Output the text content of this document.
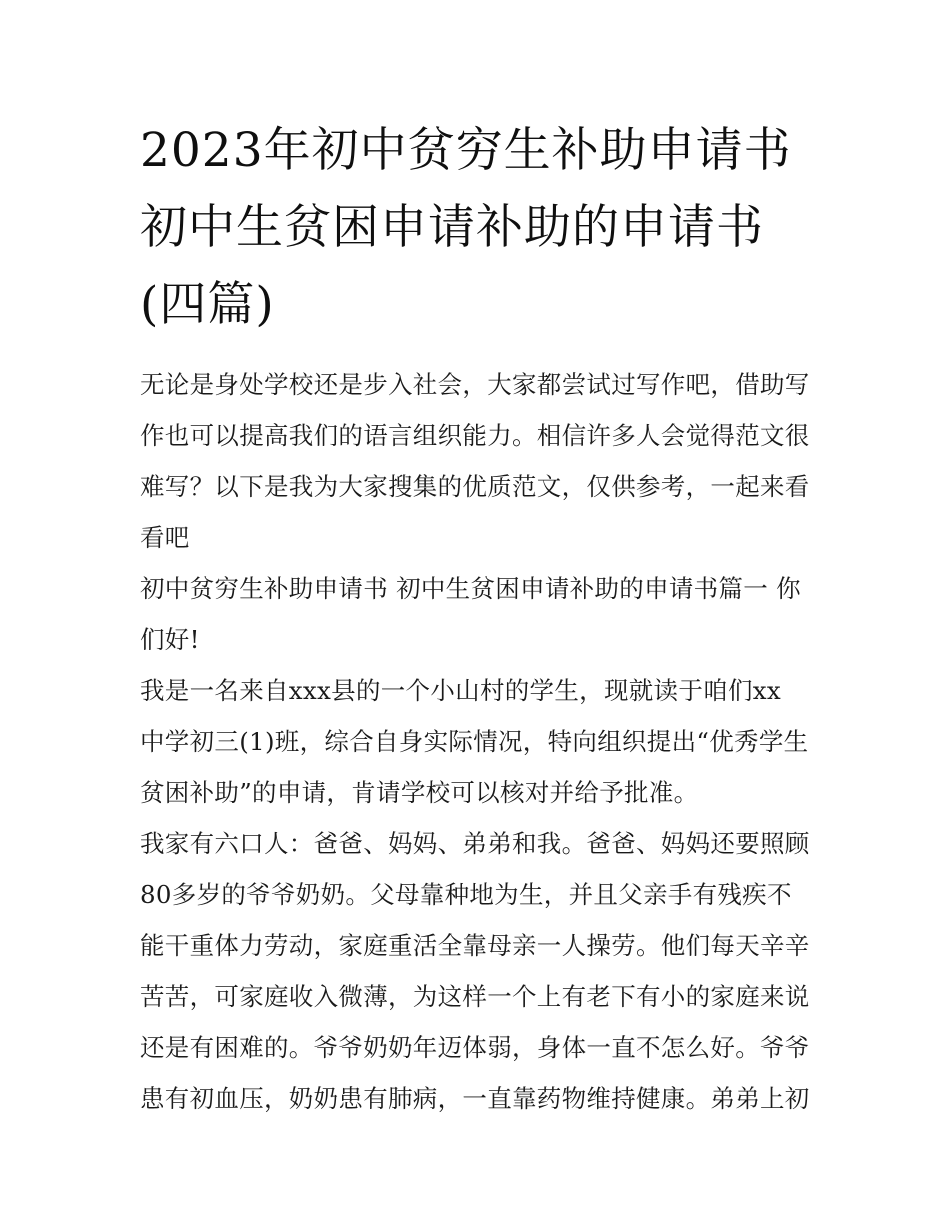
2023年初中贫穷生补助申请书
初中生贫困申请补助的申请书
(四篇)

无论是身处学校还是步入社会，大家都尝试过写作吧，借助写
作也可以提高我们的语言组织能力。相信许多人会觉得范文很
难写？以下是我为大家搜集的优质范文，仅供参考，一起来看
看吧

初中贫穷生补助申请书 初中生贫困申请补助的申请书篇一 你
们好!

我是一名来自xxx县的一个小山村的学生，现就读于咱们xx
中学初三(1)班，综合自身实际情况，特向组织提出“优秀学生
贫困补助”的申请，肯请学校可以核对并给予批准。

我家有六口人：爸爸、妈妈、弟弟和我。爸爸、妈妈还要照顾
80多岁的爷爷奶奶。父母靠种地为生，并且父亲手有残疾不
能干重体力劳动，家庭重活全靠母亲一人操劳。他们每天辛辛
苦苦，可家庭收入微薄，为这样一个上有老下有小的家庭来说
还是有困难的。爷爷奶奶年迈体弱，身体一直不怎么好。爷爷
患有初血压，奶奶患有肺病，一直靠药物维持健康。弟弟上初
